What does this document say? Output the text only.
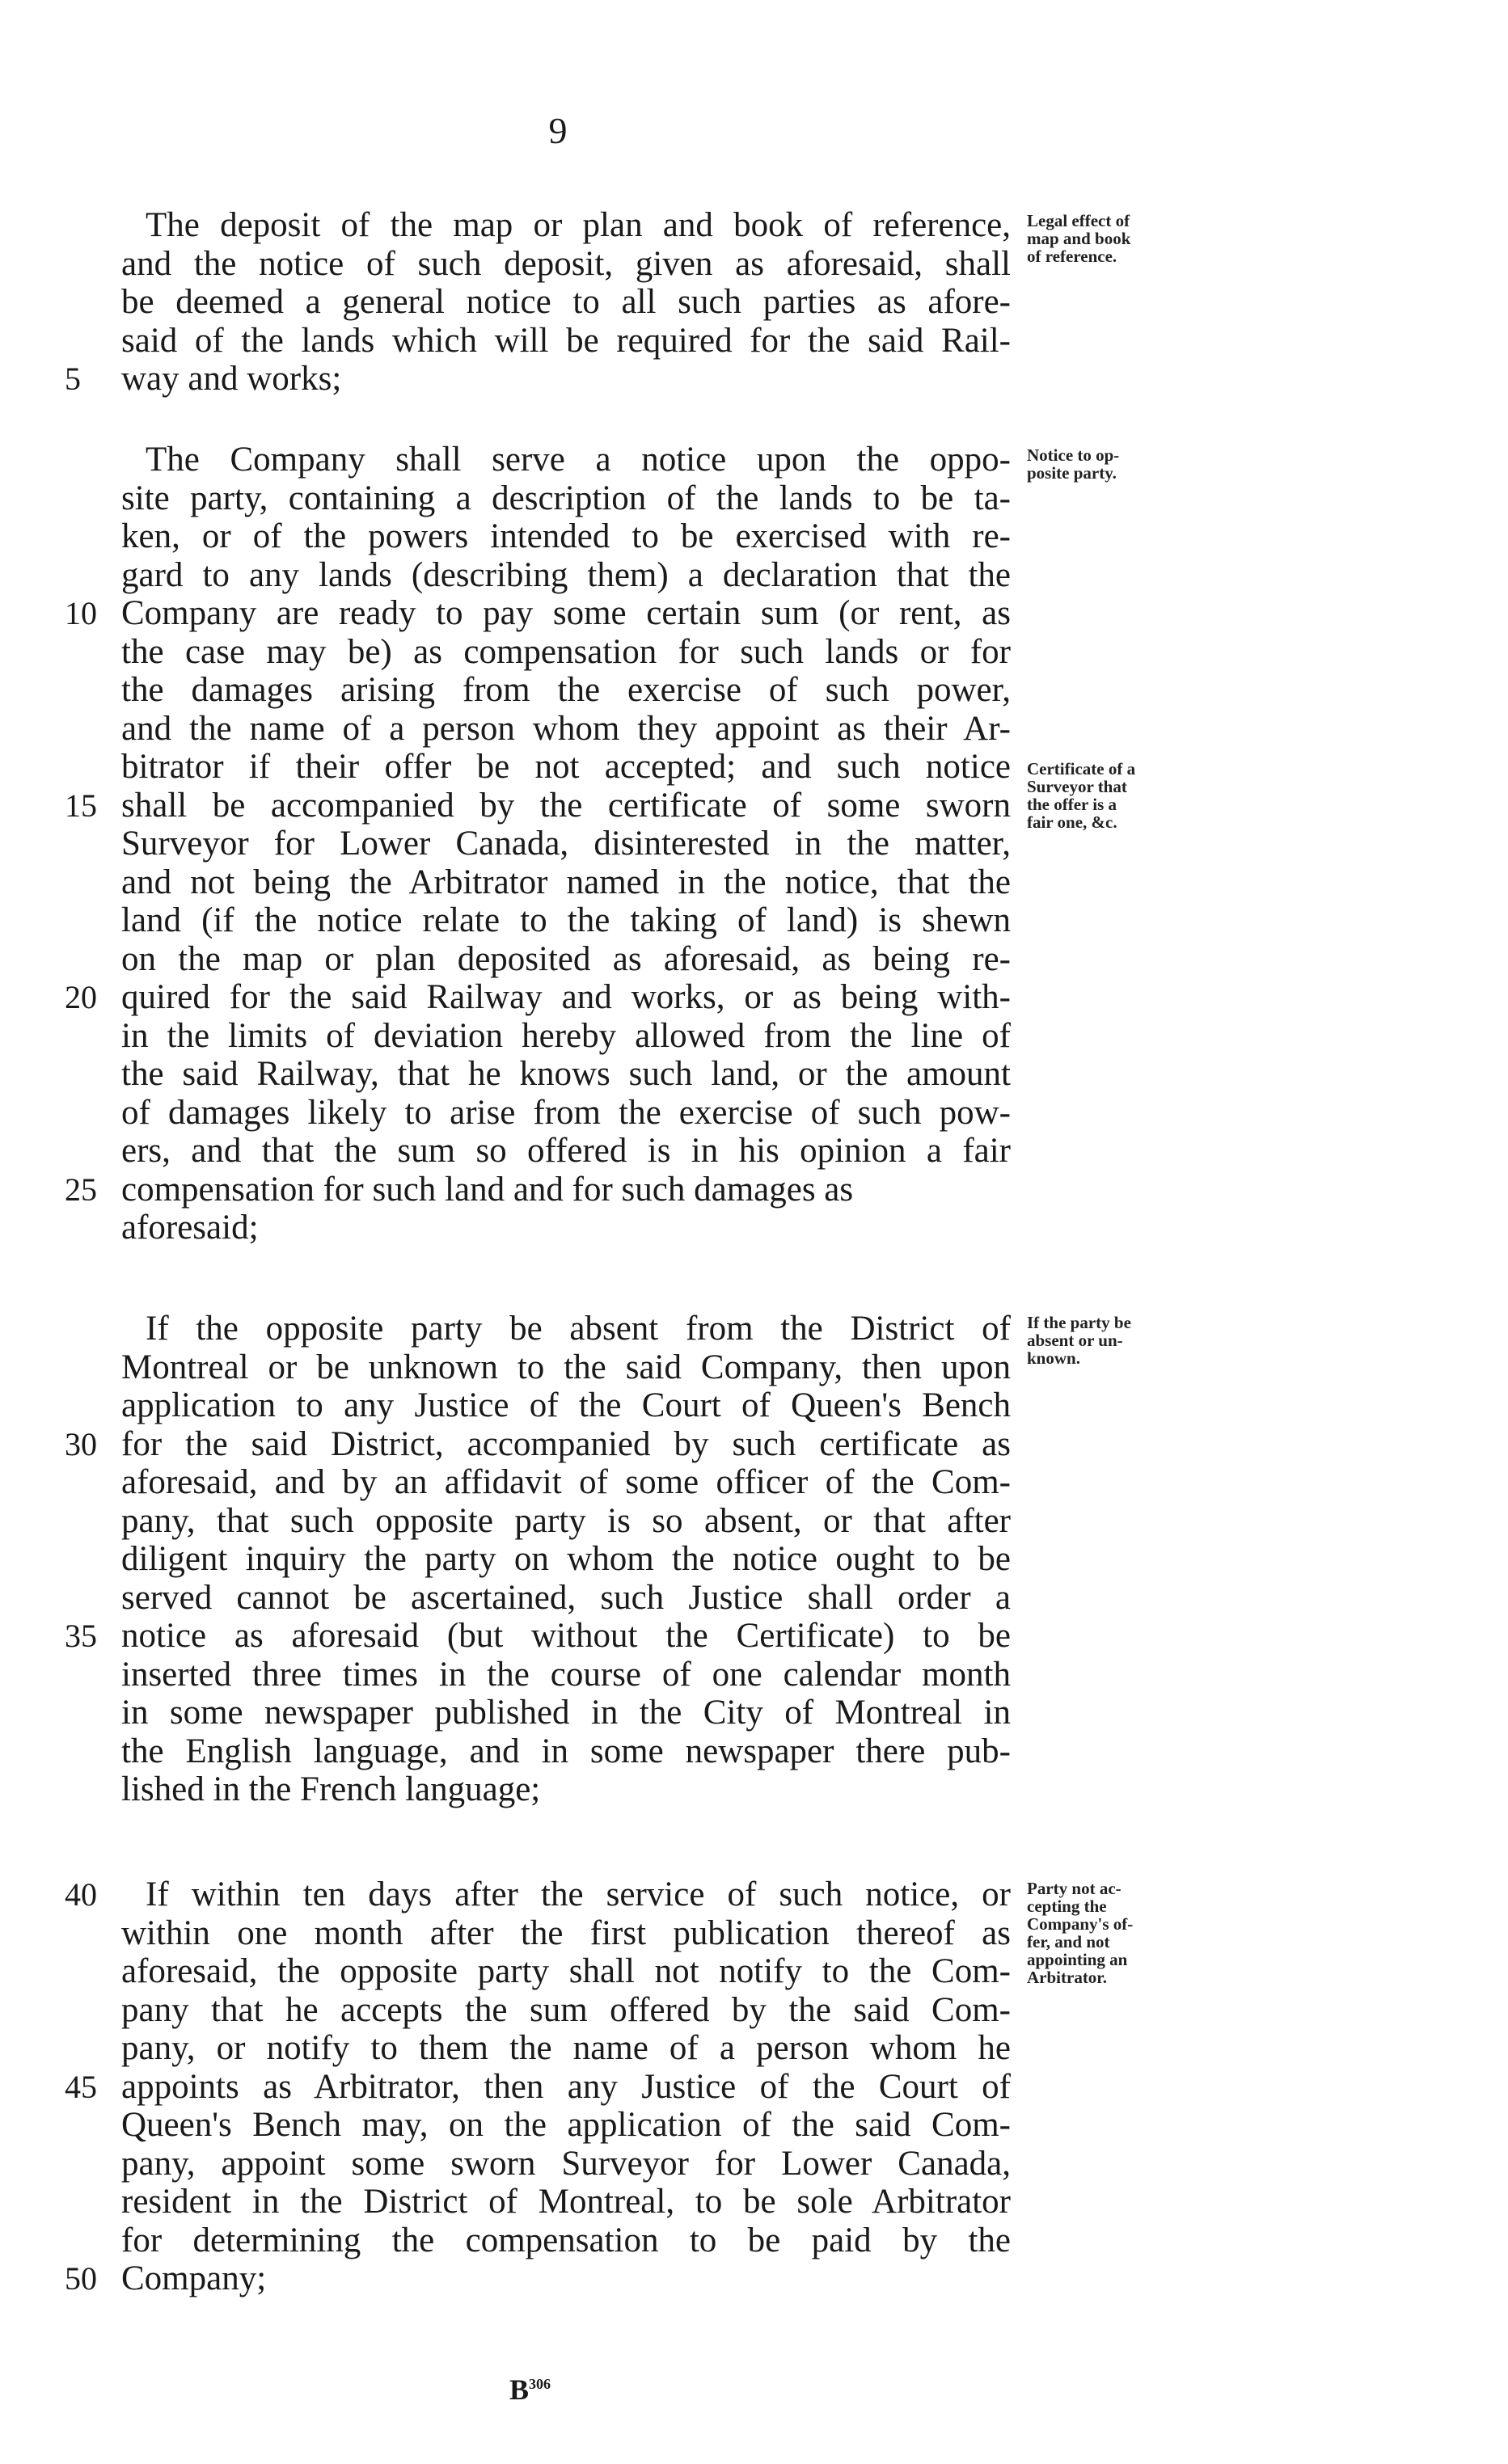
9
The deposit of the map or plan and book of reference,
and the notice of such deposit, given as aforesaid, shall
be deemed a general notice to all such parties as afore-
said of the lands which will be required for the said Rail-
5	way and works;
The Company shall serve a notice upon the oppo-
site party, containing a description of the lands to be ta-
ken, or of the powers intended to be exercised with re-
gard to any lands (describing them) a declaration that the
10 Company are ready to pay some certain sum (or rent, as
the case may be) as compensation for such lands or for
the damages arising from the exercise of such power,
and the name of a person whom they appoint as their Ar-
bitrator if their offer be not accepted; and such notice
15 shall be accompanied by the certificate of some sworn
Surveyor for Lower Canada, disinterested in the matter,
and not being the Arbitrator named in the notice, that the
land (if the notice relate to the taking of land) is shewn
on the map or plan deposited as aforesaid, as being re-
20 quired for the said Railway and works, or as being with-
in the limits of deviation hereby allowed from the line of
the said Railway, that he knows such land, or the amount
of damages likely to arise from the exercise of such pow-
ers, and that the sum so offered is in his opinion a fair
25 compensation for such land and for such damages as
aforesaid;
If the opposite party be absent from the District of
Montreal or be unknown to the said Company, then upon
application to any Justice of the Court of Queen's Bench
30 for the said District, accompanied by such certificate as
aforesaid, and by an affidavit of some officer of the Com-
pany, that such opposite party is so absent, or that after
diligent inquiry the party on whom the notice ought to be
served cannot be ascertained, such Justice shall order a
35 notice as aforesaid (but without the Certificate) to be
inserted three times in the course of one calendar month
in some newspaper published in the City of Montreal in
the English language, and in some newspaper there pub-
lished in the French language;
40	If within ten days after the service of such notice, or
within one month after the first publication thereof as
aforesaid, the opposite party shall not notify to the Com-
pany that he accepts the sum offered by the said Com-
pany, or notify to them the name of a person whom he
45 appoints as Arbitrator, then any Justice of the Court of
Queen's Bench may, on the application of the said Com-
pany, appoint some sworn Surveyor for Lower Canada,
resident in the District of Montreal, to be sole Arbitrator
for determining the compensation to be paid by the
50 Company;
Legal effect of
map and book
of reference.
Notice to op-
posite party.
Certificate of a
Surveyor that
the offer is a
fair one, &c.
If the party be
absent or un-
known.
Party not ac-
cepting the
Company's of-
fer, and not
appointing an
Arbitrator.
$B^{306}$
